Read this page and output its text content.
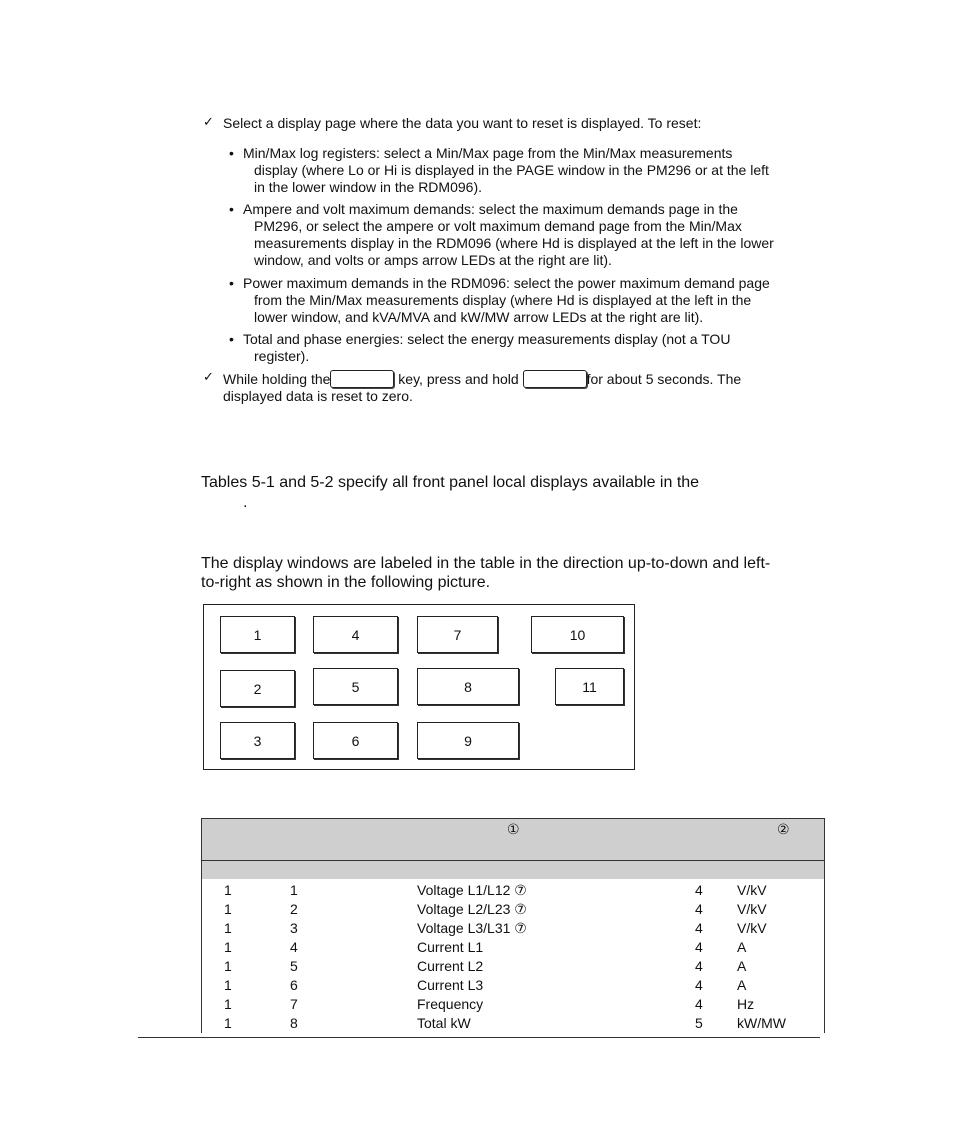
✓ Select a display page where the data you want to reset is displayed. To reset:
• Min/Max log registers: select a Min/Max page from the Min/Max measurements
display (where Lo or Hi is displayed in the PAGE window in the PM296 or at the left
in the lower window in the RDM096).
• Ampere and volt maximum demands: select the maximum demands page in the
PM296, or select the ampere or volt maximum demand page from the Min/Max
measurements display in the RDM096 (where Hd is displayed at the left in the lower
window, and volts or amps arrow LEDs at the right are lit).
• Power maximum demands in the RDM096: select the power maximum demand page
from the Min/Max measurements display (where Hd is displayed at the left in the
lower window, and kVA/MVA and kW/MW arrow LEDs at the right are lit).
• Total and phase energies: select the energy measurements display (not a TOU
register).
✓ While holding the	key, press and hold	for about 5 seconds. The
displayed data is reset to zero.
Tables 5-1 and 5-2 specify all front panel local displays available in the
.
The display windows are labeled in the table in the direction up-to-down and left-
to-right as shown in the following picture.
1
2
3
4
5
6
7
8
9
10
11
①	②
1	1	Voltage L1/L12 ⑦	4 V/kV
1	2	Voltage L2/L23 ⑦	4 V/kV
1	3	Voltage L3/L31 ⑦	4 V/kV
1	4	Current L1	4 A
1	5	Current L2	4 A
1	6	Current L3	4 A
1	7	Frequency	4 Hz
1	8	Total kW	5 kW/MW
